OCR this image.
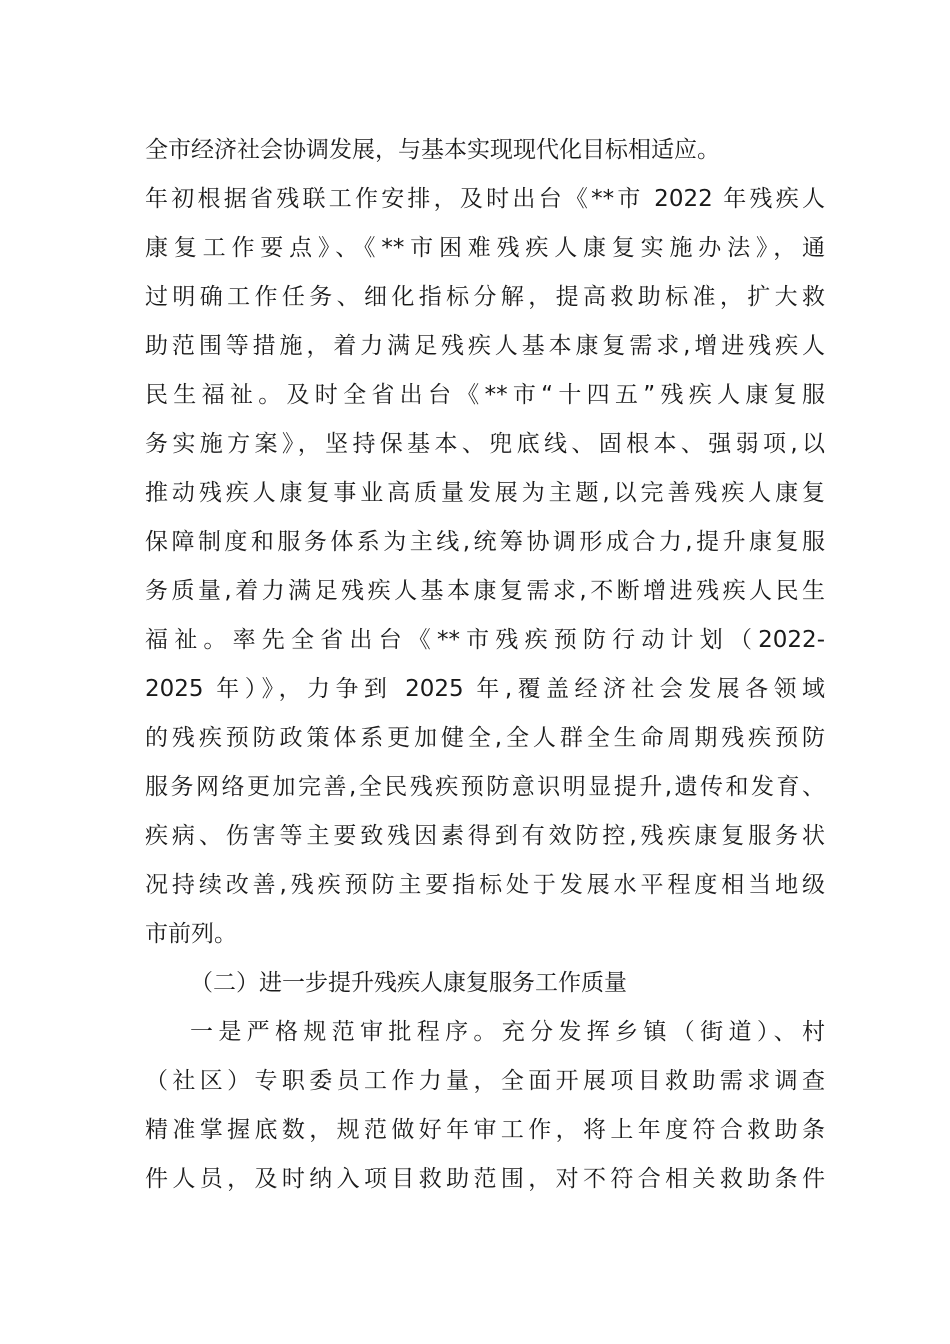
全市经济社会协调发展，与基本实现现代化目标相适应。
年初根据省残联工作安排，及时出台《**市 2022 年残疾人
康复工作要点》、《**市困难残疾人康复实施办法》，通
过明确工作任务、细化指标分解，提高救助标准，扩大救
助范围等措施，着力满足残疾人基本康复需求,增进残疾人
民生福祉。及时全省出台《**市“十四五”残疾人康复服
务实施方案》，坚持保基本、兜底线、固根本、强弱项,以
推动残疾人康复事业高质量发展为主题,以完善残疾人康复
保障制度和服务体系为主线,统筹协调形成合力,提升康复服
务质量,着力满足残疾人基本康复需求,不断增进残疾人民生
福祉。率先全省出台《**市残疾预防行动计划（2022-
2025 年）》，力争到 2025 年,覆盖经济社会发展各领域
的残疾预防政策体系更加健全,全人群全生命周期残疾预防
服务网络更加完善,全民残疾预防意识明显提升,遗传和发育、
疾病、伤害等主要致残因素得到有效防控,残疾康复服务状
况持续改善,残疾预防主要指标处于发展水平程度相当地级
市前列。
（二）进一步提升残疾人康复服务工作质量
一是严格规范审批程序。充分发挥乡镇（街道）、村
（社区）专职委员工作力量，全面开展项目救助需求调查
精准掌握底数，规范做好年审工作，将上年度符合救助条
件人员，及时纳入项目救助范围，对不符合相关救助条件
